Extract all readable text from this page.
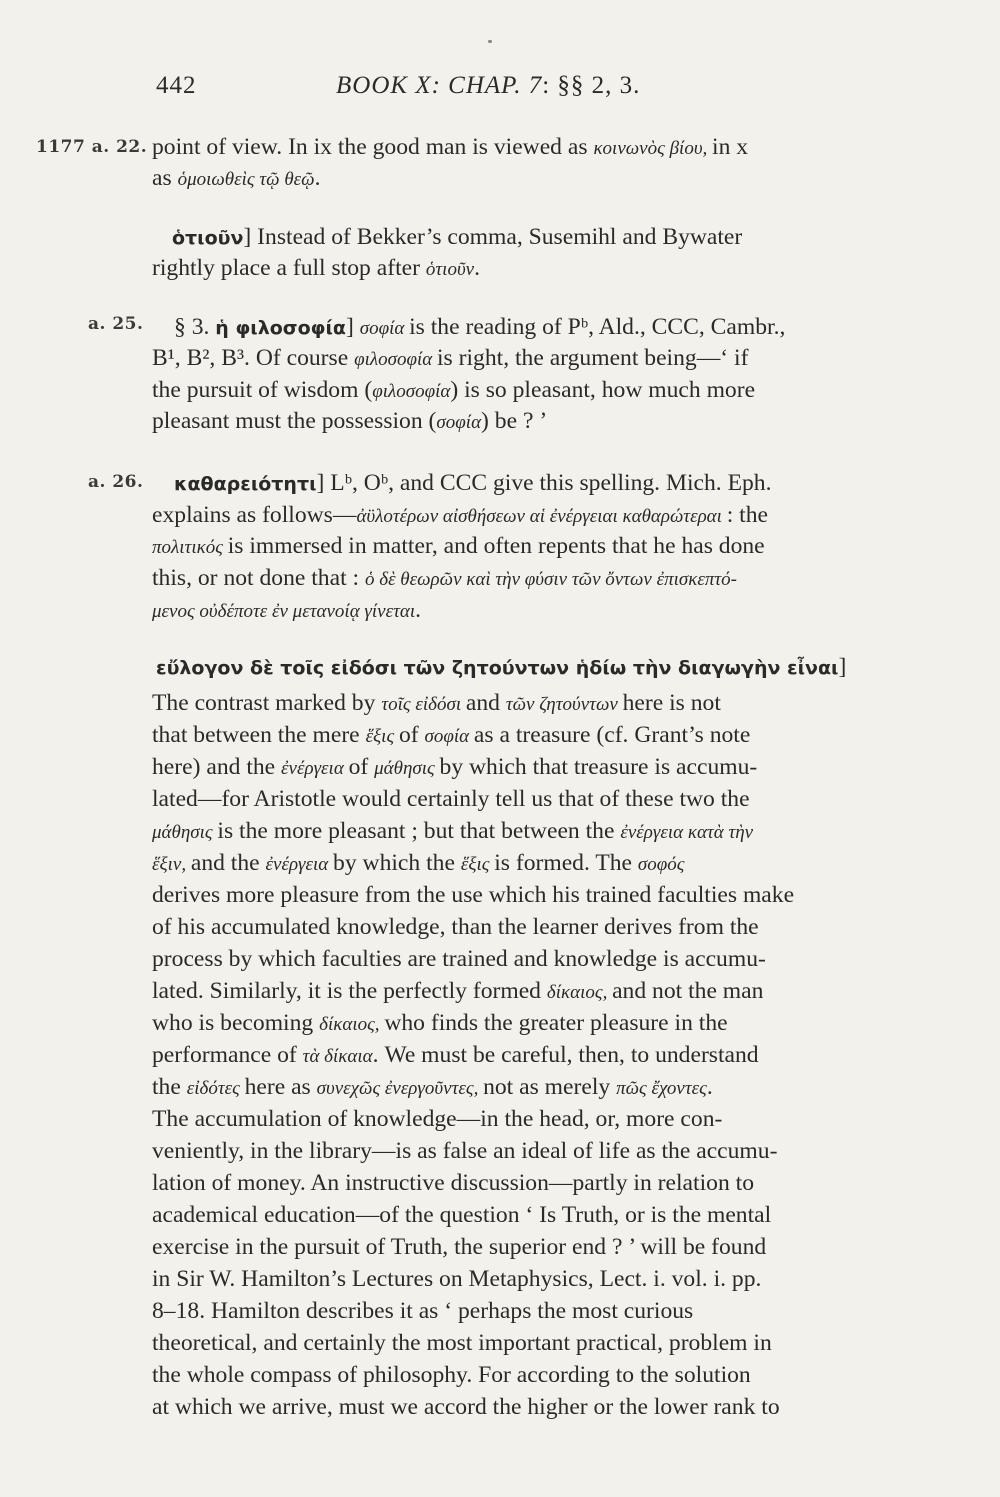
442	BOOK X: CHAP. 7: §§ 2, 3.
1177 a. 22.
a. 25.
a. 26.
point of view. In ix the good man is viewed as κοινωνὸς βίου, in x
as ὁμοιωθεὶς τῷ θεῷ.
ὁτιοῦν] Instead of Bekker’s comma, Susemihl and Bywater
rightly place a full stop after ὁτιοῦν.
§ 3. ἡ φιλοσοφία] σοφία is the reading of Pᵇ, Ald., CCC, Cambr.,
B¹, B², B³. Of course φιλοσοφία is right, the argument being—‘ if
the pursuit of wisdom (φιλοσοφία) is so pleasant, how much more
pleasant must the possession (σοφία) be ? ’
καθαρειότητι] Lᵇ, Oᵇ, and CCC give this spelling. Mich. Eph.
explains as follows—ἀϋλοτέρων αἰσθήσεων αἱ ἐνέργειαι καθαρώτεραι : the
πολιτικός is immersed in matter, and often repents that he has done
this, or not done that : ὁ δὲ θεωρῶν καὶ τὴν φύσιν τῶν ὄντων ἐπισκεπτό-
μενος οὐδέποτε ἐν μετανοίᾳ γίνεται.
εὔλογον δὲ τοῖς εἰδόσι τῶν ζητούντων ἡδίω τὴν διαγωγὴν εἶναι]
The contrast marked by τοῖς εἰδόσι and τῶν ζητούντων here is not
that between the mere ἕξις of σοφία as a treasure (cf. Grant’s note
here) and the ἐνέργεια of μάθησις by which that treasure is accumu-
lated—for Aristotle would certainly tell us that of these two the
μάθησις is the more pleasant ; but that between the ἐνέργεια κατὰ τὴν
ἕξιν, and the ἐνέργεια by which the ἕξις is formed. The σοφός
derives more pleasure from the use which his trained faculties make
of his accumulated knowledge, than the learner derives from the
process by which faculties are trained and knowledge is accumu-
lated. Similarly, it is the perfectly formed δίκαιος, and not the man
who is becoming δίκαιος, who finds the greater pleasure in the
performance of τὰ δίκαια. We must be careful, then, to understand
the εἰδότες here as συνεχῶς ἐνεργοῦντες, not as merely πῶς ἔχοντες.
The accumulation of knowledge—in the head, or, more con-
veniently, in the library—is as false an ideal of life as the accumu-
lation of money. An instructive discussion—partly in relation to
academical education—of the question ‘ Is Truth, or is the mental
exercise in the pursuit of Truth, the superior end ? ’ will be found
in Sir W. Hamilton’s Lectures on Metaphysics, Lect. i. vol. i. pp.
8–18. Hamilton describes it as ‘ perhaps the most curious
theoretical, and certainly the most important practical, problem in
the whole compass of philosophy. For according to the solution
at which we arrive, must we accord the higher or the lower rank to
